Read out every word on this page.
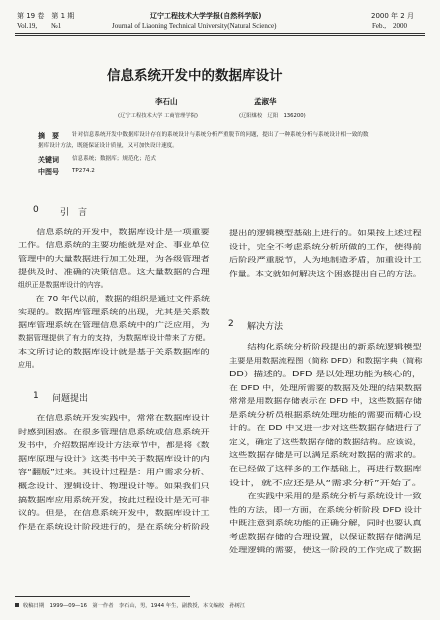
第 19 卷　第 1 期	辽宁工程技术大学学报(自然科学版)	2000 年 2 月
Vol.19,　　№1	Journal of Liaoning Technical University(Natural Science)	Feb.,　2000
信息系统开发中的数据库设计
李石山	孟淑华
(辽宁工程技术大学 工商管理学院)	(辽阳煤校　辽阳　136200)
摘　要 针对信息系统开发中数据库设计存在的系统设计与系统分析严重脱节的问题，提出了一种系统分析与系统设计相一致的数
据库设计方法，既能保证设计质量，又可加快设计速度。
关键词 信息系统；数据库；规范化；范式
中图号 TP274.2
0 引　言
1 问题提出
2 解决方法

　　信息系统的开发中，数据库设计是一项重要

工作。信息系统的主要功能就是对企、事业单位

管理中的大量数据进行加工处理，为各级管理者

提供及时、准确的决策信息。这大量数据的合理

组织正是数据库设计的内容。

　　在 70 年代以前，数据的组织是通过文件系统

实现的。数据库管理系统的出现，尤其是关系数

据库管理系统在管理信息系统中的广泛应用，为

数据管理提供了有力的支持，为数据库设计带来了方便。

本文所讨论的数据库设计就是基于关系数据库的

应用。

　　在信息系统开发实践中，常常在数据库设计

时感到困惑。在很多管理信息系统或信息系统开

发书中，介绍数据库设计方法章节中，都是将《数

据库原理与设计》这类书中关于数据库设计的内

容“翻版”过来。其设计过程是：用户需求分析、

概念设计、逻辑设计、物理设计等。如果我们只

搞数据库应用系统开发，按此过程设计是无可非

议的。但是，在信息系统开发中，数据库设计工

作是在系统设计阶段进行的，是在系统分析阶段

提出的逻辑模型基础上进行的。如果按上述过程

设计，完全不考虑系统分析所做的工作，使得前

后阶段严重脱节，人为地制造矛盾，加重设计工

作量。本文就如何解决这个困惑提出自己的方法。

　　结构化系统分析阶段提出的新系统逻辑模型

主要是用数据流程图（简称 DFD）和数据字典（简称

DD）描述的。DFD 是以处理功能为核心的，

在 DFD 中，处理所需要的数据及处理的结果数据

常常是用数据存储表示在 DFD 中，这些数据存储

是系统分析员根据系统处理功能的需要而精心设

计的。在 DD 中又进一步对这些数据存储进行了

定义，确定了这些数据存储的数据结构。应该说，

这些数据存储是可以满足系统对数据的需求的。

在已经做了这样多的工作基础上，再进行数据库

设计，就不应还是从“需求分析”开始了。

　　在实践中采用的是系统分析与系统设计一致

性的方法，即一方面，在系统分析阶段 DFD 设计

中既注意到系统功能的正确分解，同时也要认真

考虑数据存储的合理设置，以保证数据存储满足

处理逻辑的需要，使这一阶段的工作完成了数据

收稿日期　1999—09—16　第一作者　李石山，男，1944 年生，副教授，本文编校　孙树江
